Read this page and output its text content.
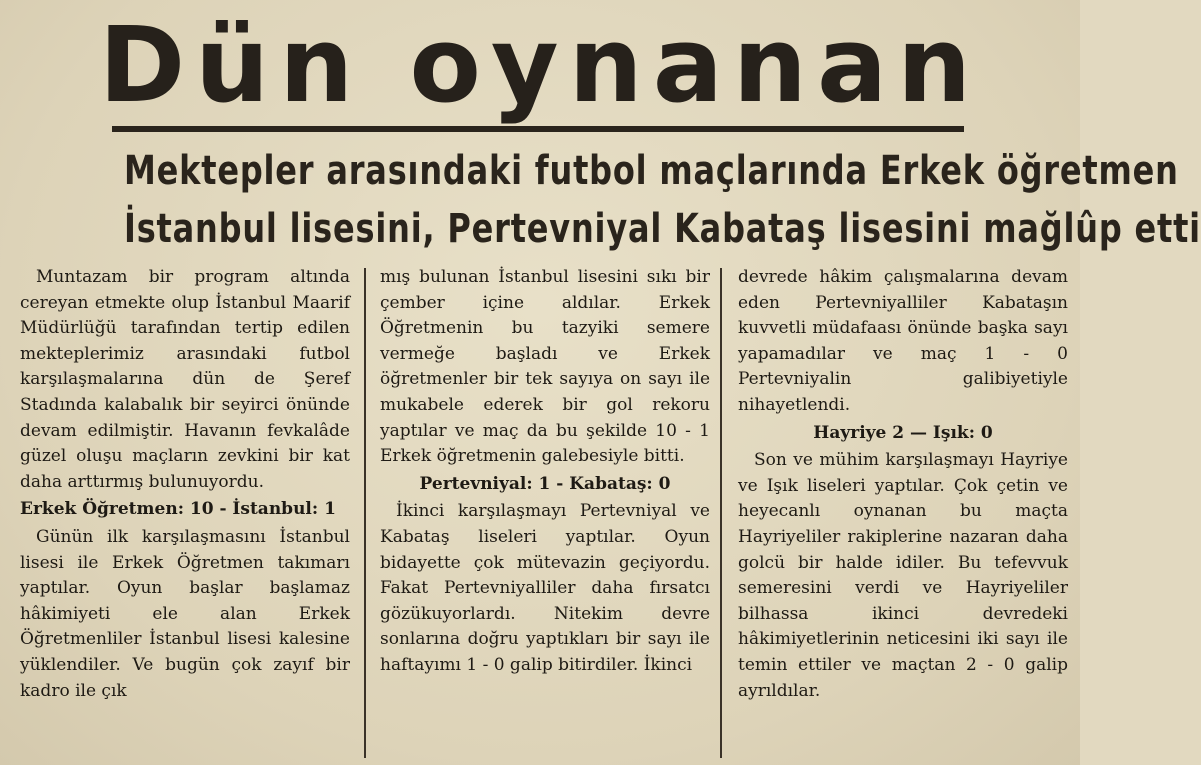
Dün oynanan
Mektepler arasındaki futbol maçlarında Erkek öğretmen
İstanbul lisesini, Pertevniyal Kabataş lisesini mağlûp etti

Muntazam bir program altında cereyan etmekte olup İstanbul Maarif Müdürlüğü tarafından tertip edilen mekteplerimiz arasındaki futbol karşılaşmalarına dün de Şeref Stadında kalabalık bir seyirci önünde devam edilmiştir. Havanın fevkalâde güzel oluşu maçların zevkini bir kat daha arttırmış bulunuyordu.

Erkek Öğretmen: 10 - İstanbul: 1

Günün ilk karşılaşmasını İstanbul lisesi ile Erkek Öğretmen takımarı yaptılar. Oyun başlar başlamaz hâkimiyeti ele alan Erkek Öğretmenliler İstanbul lisesi kalesine yüklendiler. Ve bugün çok zayıf bir kadro ile çık

mış bulunan İstanbul lisesini sıkı bir çember içine aldılar. Erkek Öğretmenin bu tazyiki semere vermeğe başladı ve Erkek öğretmenler bir tek sayıya on sayı ile mukabele ederek bir gol rekoru yaptılar ve maç da bu şekilde 10 - 1 Erkek öğretmenin galebesiyle bitti.

Pertevniyal: 1 - Kabataş: 0

İkinci karşılaşmayı Pertevniyal ve Kabataş liseleri yaptılar. Oyun bidayette çok mütevazin geçiyordu. Fakat Pertevniyalliler daha fırsatcı gözükuyorlardı. Nitekim devre sonlarına doğru yaptıkları bir sayı ile haftayımı 1 - 0 galip bitirdiler. İkinci

devrede hâkim çalışmalarına devam eden Pertevniyalliler Kabataşın kuvvetli müdafaası önünde başka sayı yapamadılar ve maç 1 - 0 Pertevniyalin galibiyetiyle nihayetlendi.

Hayriye 2 — Işık: 0

Son ve mühim karşılaşmayı Hayriye ve Işık liseleri yaptılar. Çok çetin ve heyecanlı oynanan bu maçta Hayriyeliler rakiplerine nazaran daha golcü bir halde idiler. Bu tefevvuk semeresini verdi ve Hayriyeliler bilhassa ikinci devredeki hâkimiyetlerinin neticesini iki sayı ile temin ettiler ve maçtan 2 - 0 galip ayrıldılar.
